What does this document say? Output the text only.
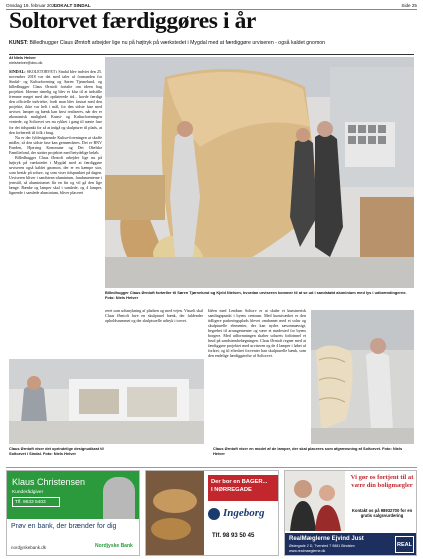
Onsdag 19. februar 2020
LOKALT SINDAL	Side 25
Soltorvet færdiggøres i år
KUNST: Billedhugger Claus Ørntoft arbejder lige nu på højtryk på værkstedet i Mygdal med at færdiggøre urviseren - også kaldet gnomon
Af Niels Helver
nielshelver@dnu.dk

SINDAL: SKOLETORVET i Sindal blev indviet den 25. november 2018 var det med taler af formanden for Sindal- og Kulturforening og Søren Tjørnelund, og billedhugger Claus Ørntoft fortalte om ideen bag projektet. Ideerne rimelig og blev er klar til at indstille fremme meget med det opdaterede tid... havde færdigt den officielle indvielse, fordi man blev fastsat med den projekte, ikke var helt i mål, for den sidste fase med urviser, lamper og bænk kan først realiseres, når der er økonomisk mulighed. Kunst- og Kulturforeningen ventede, og Soltorvet ses nu rykket i gang til næste fase for det tidspunkt for så at indgå og skulpturer til plads, at den forberedt til folk i brug.

Nu er der fyldestgørende Kultur-foreningen at skaffe midler, så den sidste fase kan gennemføres. Det er BNV Fonden, Hjørring Kommune og Det Obelske Familiefond, der støtter projektet med betydelige beløb.

Billedhugger Claus Ørntoft arbejder lige nu på højtryk på værkstedet i Mygdal med at færdiggøre urviseren også kaldet gnomon, der er en kæmpe stor, som består på solure, og som viser tidspunktet på dagen. Urviseren bliver i sandstens-aluminium, fundamenterne i jernstål, så aluminiumet får en fin og vil gå den lige længe. Bænke og lamper skal i samlede, og 4 lamper, lignende i samlede aluminium, bliver placeret

Billedhugger Claus Ørntoft fortæller til Søren Tjørnelund og Kjeld Nielsen, hvordan urviseren kommer til at se ud i sandstøbt aluminium med lys i udbrændingerne. Foto: Niels Helver

reret som udsmykning af pladsen og med vejen. Visuelt skal Claus Ørntoft lave en skulpturel bænk, der fuldender opholdsrummet og der skulpturelle udtryk i torvet.

Idéen med Lendum Soltorv er at skabe et kunstnerisk samlingspunkt i byens centrum. Med kunstværket er den tidligere parkeringsplads blevet omdannet med et solur og skulpturelle elementer, der kan nydes sæsonmæssigt, begrebet til arrangementer og være et mødested for byens borgere. Med udformningen skaber solurets fodtrinnel et brud på sandstensbelægningen. Claus Ørntoft regner med at færdiggøre projektet med urviseren og de 4 lamper i løbet af foråret, og til efteråret forventer han skulpturelle bænk, som den endelige færdiggørelse af Soltorvet.

Claus Ørntoft viser det oprindelige designudkast til Soltorvet i Sindal. Foto: Niels Helver
Claus Ørntoft viser en model af de lamper, der skal placeres som afgrænsning af Soltorvet. Foto: Niels Helver
Klaus Christensen
Kunderådgiver
Tlf. 9633 5403
Prøv en bank, der brænder for dig
nordjyskebank.dk	Nordjyske Bank
Der bor en BAGER...
I NØRREGADE
Ingeborg
Tlf. 98 93 50 45
Vi gør os fortjent til at være din boligmægler
Kontakt os på 98932700 for en gratis salgsvurdering
RealMæglerne Ejvind Just
Østergade 2 D, Tversted 7 9881 Bindslev
www.realmaeglerne.dk
REAL
